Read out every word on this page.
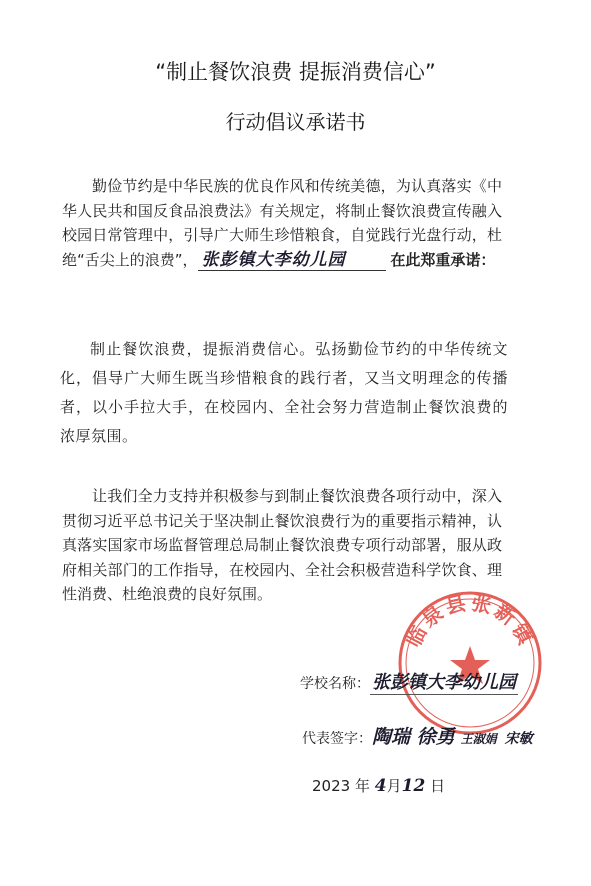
“制止餐饮浪费 提振消费信心”
行动倡议承诺书
勤俭节约是中华民族的优良作风和传统美德，为认真落实《中华人民共和国反食品浪费法》有关规定，将制止餐饮浪费宣传融入校园日常管理中，引导广大师生珍惜粮食，自觉践行光盘行动，杜绝“舌尖上的浪费”， 张彭镇大李幼儿园	在此郑重承诺：
制止餐饮浪费，提振消费信心。弘扬勤俭节约的中华传统文化，倡导广大师生既当珍惜粮食的践行者，又当文明理念的传播者，以小手拉大手，在校园内、全社会努力营造制止餐饮浪费的浓厚氛围。
让我们全力支持并积极参与到制止餐饮浪费各项行动中，深入贯彻习近平总书记关于坚决制止餐饮浪费行为的重要指示精神，认真落实国家市场监督管理总局制止餐饮浪费专项行动部署，服从政府相关部门的工作指导，在校园内、全社会积极营造科学饮食、理性消费、杜绝浪费的良好氛围。
临泉县张新镇
学校名称： 张彭镇大李幼儿园
代表签字：陶瑞 徐勇 王淑娟 宋敏
2023 年 4月12 日
